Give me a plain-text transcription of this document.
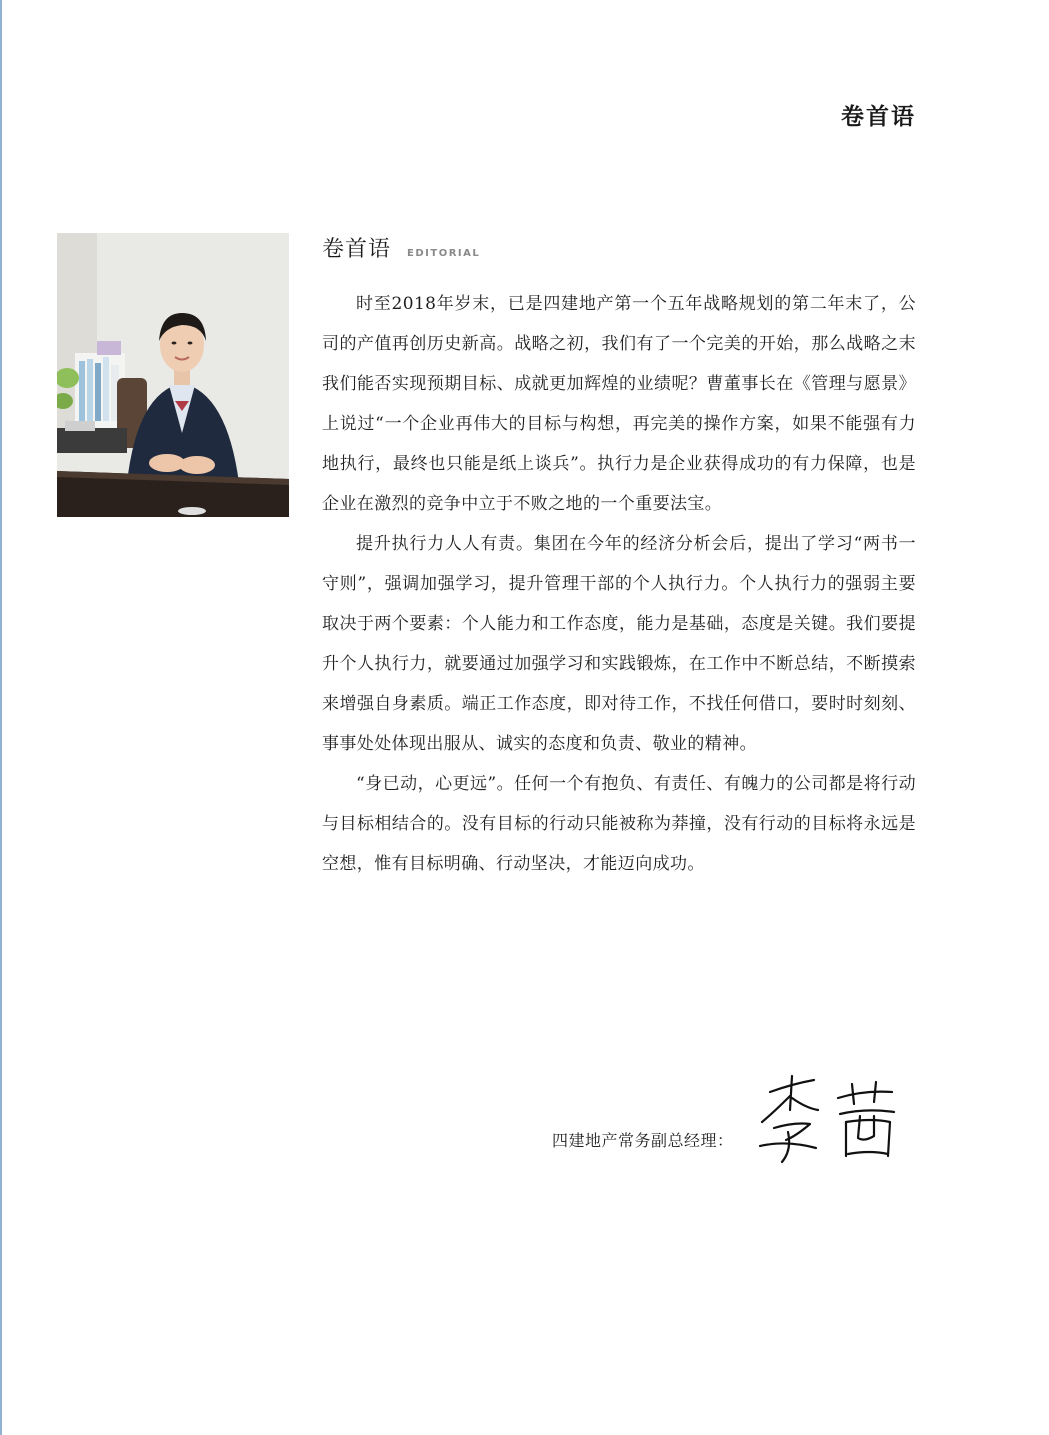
卷首语
卷首语 EDITORIAL

时至2018年岁末，已是四建地产第一个五年战略规划的第二年末了，公司的产值再创历史新高。战略之初，我们有了一个完美的开始，那么战略之末我们能否实现预期目标、成就更加辉煌的业绩呢？曹董事长在《管理与愿景》上说过“一个企业再伟大的目标与构想，再完美的操作方案，如果不能强有力地执行，最终也只能是纸上谈兵”。执行力是企业获得成功的有力保障，也是企业在激烈的竞争中立于不败之地的一个重要法宝。

提升执行力人人有责。集团在今年的经济分析会后，提出了学习“两书一守则”，强调加强学习，提升管理干部的个人执行力。个人执行力的强弱主要取决于两个要素：个人能力和工作态度，能力是基础，态度是关键。我们要提升个人执行力，就要通过加强学习和实践锻炼，在工作中不断总结，不断摸索来增强自身素质。端正工作态度，即对待工作，不找任何借口，要时时刻刻、事事处处体现出服从、诚实的态度和负责、敬业的精神。

“身已动，心更远”。任何一个有抱负、有责任、有魄力的公司都是将行动与目标相结合的。没有目标的行动只能被称为莽撞，没有行动的目标将永远是空想，惟有目标明确、行动坚决，才能迈向成功。

四建地产常务副总经理：
